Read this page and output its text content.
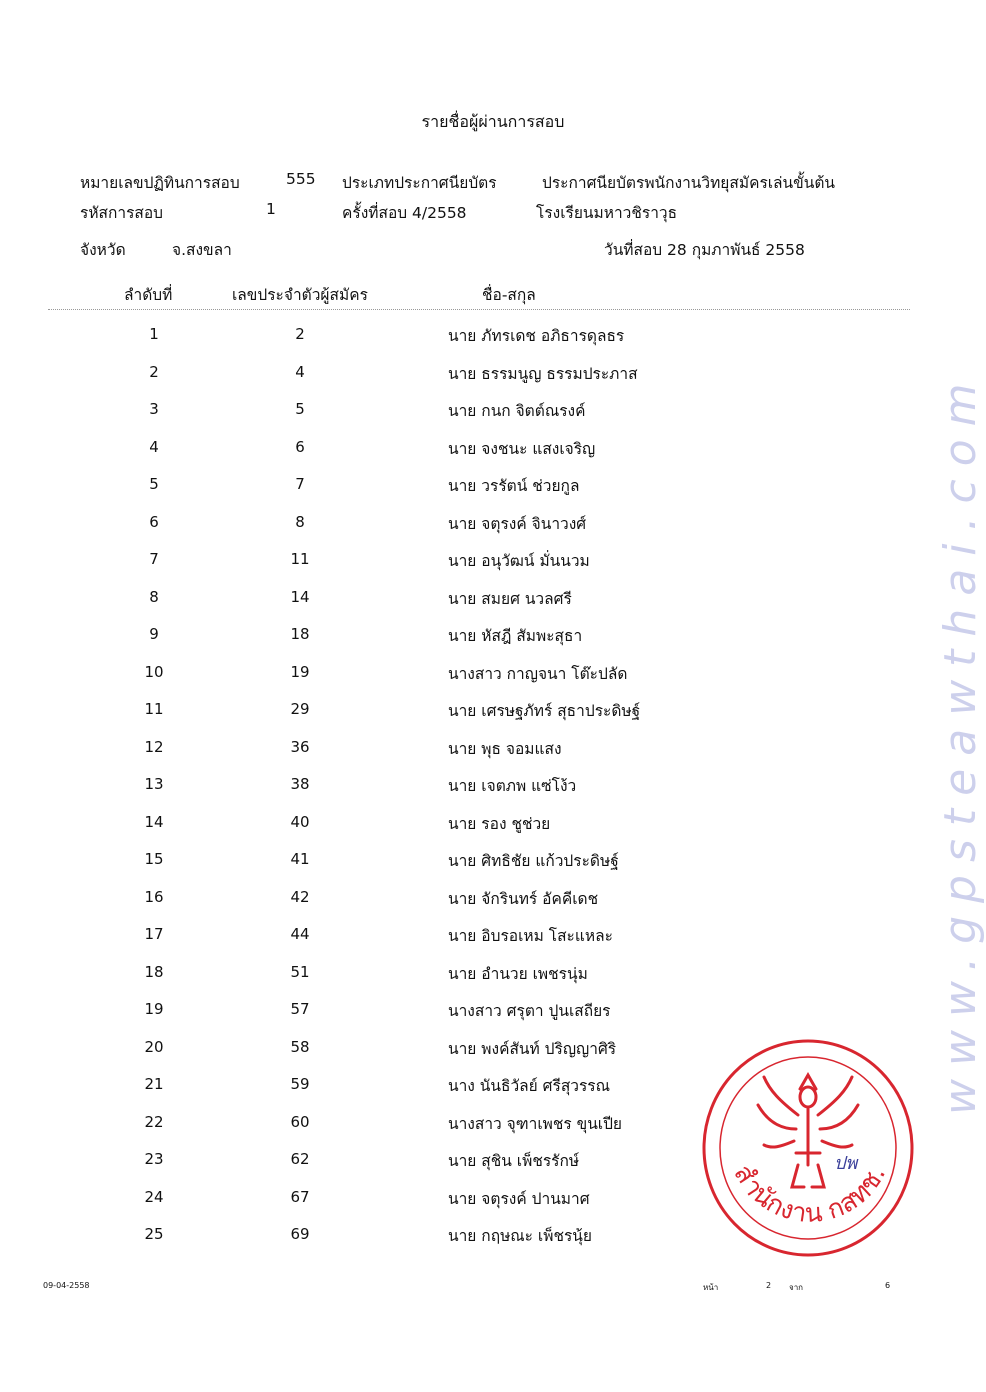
รายชื่อผู้ผ่านการสอบ
หมายเลขปฏิทินการสอบ	555 ประเภทประกาศนียบัตร	ประกาศนียบัตรพนักงานวิทยุสมัครเล่นขั้นต้น
รหัสการสอบ	1	ครั้งที่สอบ 4/2558	โรงเรียนมหาวชิราวุธ
จังหวัด	จ.สงขลา	วันที่สอบ 28 กุมภาพันธ์ 2558
ลำดับที่	เลขประจำตัวผู้สมัคร	ชื่อ-สกุล
1	2	นาย ภัทรเดช อภิธารดุลธร
2	4	นาย ธรรมนูญ ธรรมประภาส
3	5	นาย กนก จิตต์ณรงค์
4	6	นาย จงชนะ แสงเจริญ
5	7	นาย วรรัตน์ ช่วยกูล
6	8	นาย จตุรงค์ จินาวงศ์
7	11	นาย อนุวัฒน์ มั่นนวม
8	14	นาย สมยศ นวลศรี
9	18	นาย หัสฎี สัมพะสุธา
10	19	นางสาว กาญจนา โต๊ะปลัด
11	29	นาย เศรษฐภัทร์ สุธาประดิษฐ์
12	36	นาย พุธ จอมแสง
13	38	นาย เจตภพ แซ่โง้ว
14	40	นาย รอง ชูช่วย
15	41	นาย ศิทธิชัย แก้วประดิษฐ์
16	42	นาย จักรินทร์ อัคคีเดช
17	44	นาย อิบรอเหม โสะแหละ
18	51	นาย อำนวย เพชรนุ่ม
19	57	นางสาว ศรุตา ปูนเสถียร
20	58	นาย พงค์สันท์ ปริญญาศิริ
21	59	นาง นันธิวัลย์ ศรีสุวรรณ
22	60	นางสาว จุฑาเพชร ขุนเปีย
23	62	นาย สุชิน เพ็ชรรักษ์
24	67	นาย จตุรงค์ ปานมาศ
25	69	นาย กฤษณะ เพ็ชรนุ้ย
www.gpsteawthai.com
สำนักงาน กสทช.
ปพ
09-04-2558	หน้า	2 จาก	6
